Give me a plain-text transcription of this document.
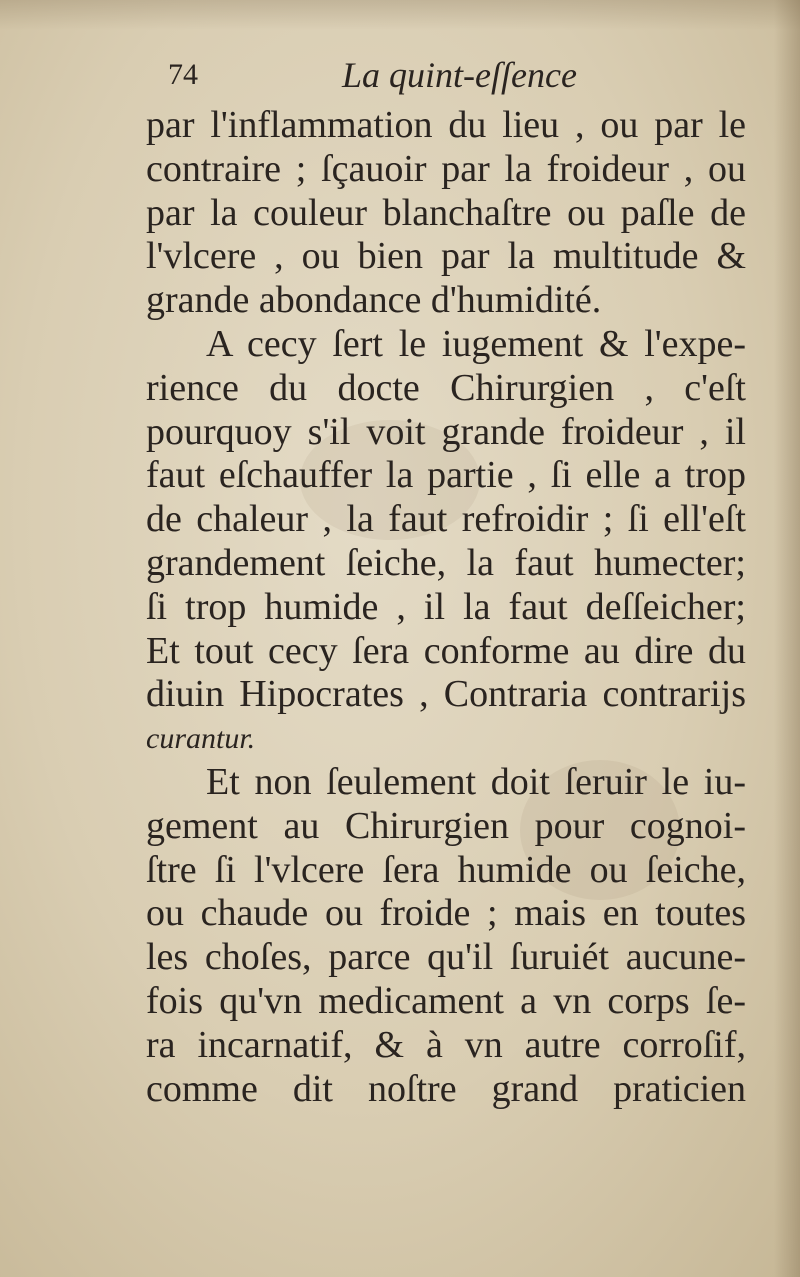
74	La quint-eſſence
par l'inflammation du lieu , ou par le
contraire ; ſçauoir par la froideur , ou
par la couleur blanchaſtre ou paſle de
l'vlcere , ou bien par la multitude &
grande abondance d'humidité.
A cecy ſert le iugement & l'expe-
rience du docte Chirurgien , c'eſt
pourquoy s'il voit grande froideur , il
faut eſchauffer la partie , ſi elle a trop
de chaleur , la faut refroidir ; ſi ell'eſt
grandement ſeiche, la faut humecter;
ſi trop humide , il la faut deſſeicher;
Et tout cecy ſera conforme au dire du
diuin Hipocrates , Contraria contrarijs
curantur.
Et non ſeulement doit ſeruir le iu-
gement au Chirurgien pour cognoi-
ſtre ſi l'vlcere ſera humide ou ſeiche,
ou chaude ou froide ; mais en toutes
les choſes, parce qu'il ſuruiét aucune-
fois qu'vn medicament a vn corps ſe-
ra incarnatif, & à vn autre corroſif,
comme dit noſtre grand praticien
